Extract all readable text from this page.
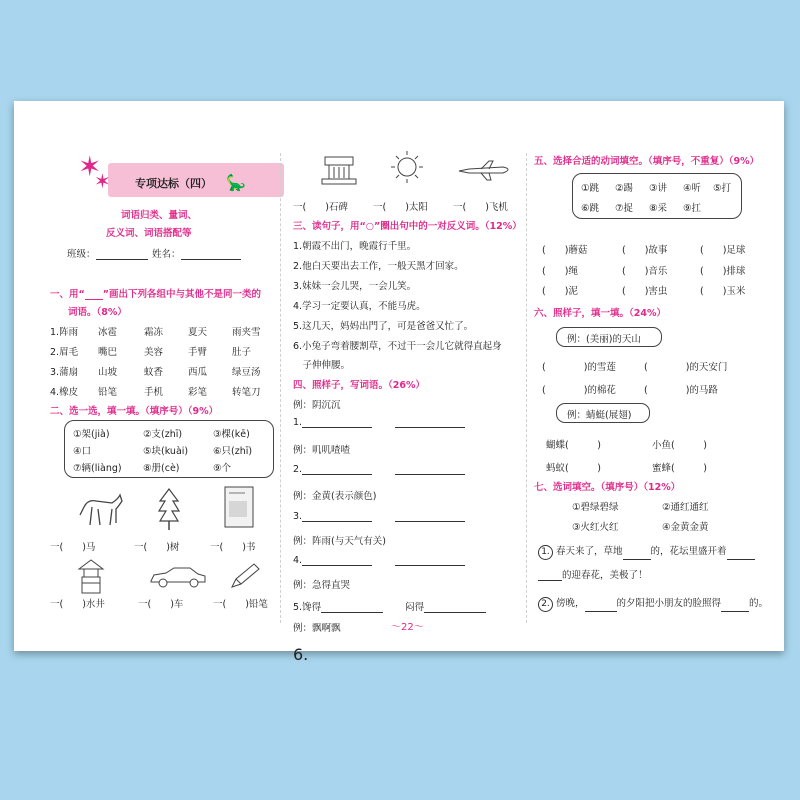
✶
✶	🦕
专项达标（四）
词语归类、量词、
反义词、词语搭配等
班级：	姓名：
一、用“ ”画出下列各组中与其他不是同一类的
词语。（8%）
1.阵雨 冰雹	霜冻	夏天	雨夹雪
2.眉毛 嘴巴	美容	手臂	肚子
3.蒲扇 山坡	蚊香	西瓜	绿豆汤
4.橡皮 铅笔	手机	彩笔	转笔刀
二、选一选，填一填。（填序号）（9%）
①架(jià)	②支(zhī)	③棵(kē)
④口	⑤块(kuài)	⑥只(zhī)
⑦辆(liàng) ⑧册(cè)	⑨个
一(　　)马	一(　　)树	一(　　)书
一(　　)水井	一(　　)车	一(　　)铅笔
一(　　)石碑	一(　　)太阳	一(　　)飞机
三、读句子，用“○”圈出句中的一对反义词。（12%）
1.朝霞不出门，晚霞行千里。
2.他白天要出去工作，一般天黑才回家。
3.妹妹一会儿哭，一会儿笑。
4.学习一定要认真，不能马虎。
5.这几天，妈妈出門了，可是爸爸又忙了。
6.小兔子弯着腰割草，不过干一会儿它就得直起身
　子伸伸腰。
四、照样子，写词语。（26%）
例：阴沉沉
1.
例：叽叽喳喳
2.
例：金黄(表示颜色)
3.
例：阵雨(与天气有关)
4.
例：急得直哭
5.馋得	闷得
例：飘啊飘
6.
～22～
五、选择合适的动词填空。（填序号，不重复）（9%）
①跳 ②踢 ③讲 ④听 ⑤打
⑥跳 ⑦捉 ⑧采 ⑨扛
(　　)蘑菇	(　　)故事	(　　)足球
(　　)绳	(　　)音乐	(　　)排球
(　　)泥	(　　)害虫	(　　)玉米
六、照样子，填一填。（24%）
例：(美丽)的天山
(　　　　)的雪莲	(　　　　)的天安门
(　　　　)的棉花	(　　　　)的马路
例：蜻蜓(展翅)
蝴蝶(　　　)	小鱼(　　　)
蚂蚁(　　　)	蜜蜂(　　　)
七、选词填空。（填序号）（12%）
①碧绿碧绿	②通红通红
③火红火红	④金黄金黄
1. 春天来了，草地	的，花坛里盛开着
的迎春花，美极了！
2. 傍晚，	的夕阳把小朋友的脸照得	的。
